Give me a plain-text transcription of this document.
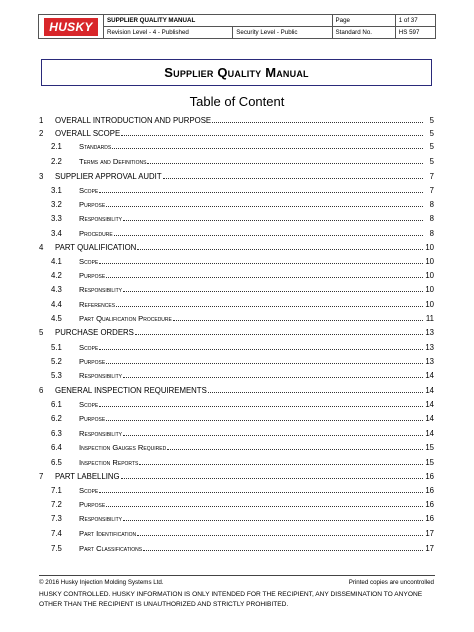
HUSKY	SUPPLIER QUALITY MANUAL		Page	1 of 37
	Revision Level - 4 - Published	Security Level - Public	Standard No.	HS 597
Supplier Quality Manual
Table of Content
1	OVERALL INTRODUCTION AND PURPOSE	5
2	OVERALL SCOPE	5
2.1	Standards	5
2.2	Terms and Definitions	5
3	SUPPLIER APPROVAL AUDIT	7
3.1	Scope	7
3.2	Purpose	8
3.3	Responsibility	8
3.4	Procedure	8
4	PART QUALIFICATION	10
4.1	Scope	10
4.2	Purpose	10
4.3	Responsibility	10
4.4	References	10
4.5	Part Qualification Procedure	11
5	PURCHASE ORDERS	13
5.1	Scope	13
5.2	Purpose	13
5.3	Responsibility	14
6	GENERAL INSPECTION REQUIREMENTS	14
6.1	Scope	14
6.2	Purpose	14
6.3	Responsibility	14
6.4	Inspection Gauges Required	15
6.5	Inspection Reports	15
7	PART LABELLING	16
7.1	Scope	16
7.2	Purpose	16
7.3	Responsibility	16
7.4	Part Identification	17
7.5	Part Classifications	17
© 2016 Husky Injection Molding Systems Ltd.	Printed copies are uncontrolled
HUSKY CONTROLLED. HUSKY INFORMATION IS ONLY INTENDED FOR THE RECIPIENT, ANY DISSEMINATION TO ANYONE OTHER THAN THE RECIPIENT IS UNAUTHORIZED AND STRICTLY PROHIBITED.
